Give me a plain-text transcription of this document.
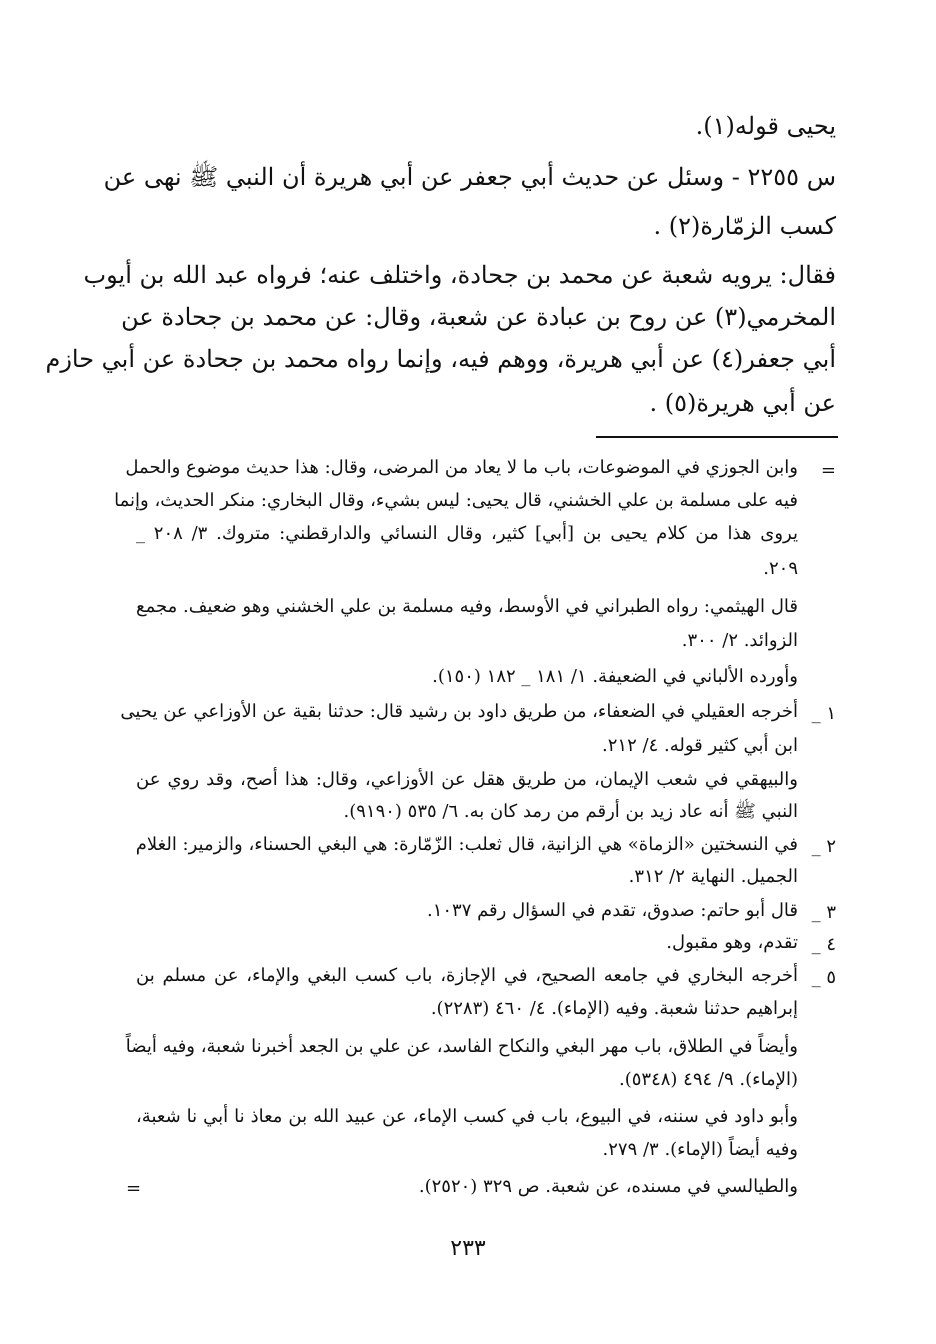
يحيى قوله(١).
س ٢٢٥٥ - وسئل عن حديث أبي جعفر عن أبي هريرة أن النبي ﷺ نهى عن
كسب الزمّارة(٢) .
فقال: يرويه شعبة عن محمد بن جحادة، واختلف عنه؛ فرواه عبد الله بن أيوب
المخرمي(٣) عن روح بن عبادة عن شعبة، وقال: عن محمد بن جحادة عن
أبي جعفر(٤) عن أبي هريرة، ووهم فيه، وإنما رواه محمد بن جحادة عن أبي حازم
عن أبي هريرة(٥) .
=
وابن الجوزي في الموضوعات، باب ما لا يعاد من المرضى، وقال: هذا حديث موضوع والحمل
فيه على مسلمة بن علي الخشني، قال يحيى: ليس بشيء، وقال البخاري: منكر الحديث، وإنما
يروى هذا من كلام يحيى بن [أبي] كثير، وقال النسائي والدارقطني: متروك. ٣/ ٢٠٨ _
٢٠٩.
قال الهيثمي: رواه الطبراني في الأوسط، وفيه مسلمة بن علي الخشني وهو ضعيف. مجمع
الزوائد. ٢/ ٣٠٠.
وأورده الألباني في الضعيفة. ١/ ١٨١ _ ١٨٢ (١٥٠).
١ _
أخرجه العقيلي في الضعفاء، من طريق داود بن رشيد قال: حدثنا بقية عن الأوزاعي عن يحيى
ابن أبي كثير قوله. ٤/ ٢١٢.
والبيهقي في شعب الإيمان، من طريق هقل عن الأوزاعي، وقال: هذا أصح، وقد روي عن
النبي ﷺ أنه عاد زيد بن أرقم من رمد كان به. ٦/ ٥٣٥ (٩١٩٠).
٢ _
في النسختين «الزماة» هي الزانية، قال ثعلب: الزّمّارة: هي البغي الحسناء، والزمير: الغلام
الجميل. النهاية ٢/ ٣١٢.
٣ _
قال أبو حاتم: صدوق، تقدم في السؤال رقم ١٠٣٧.
٤ _
تقدم، وهو مقبول.
٥ _
أخرجه البخاري في جامعه الصحيح، في الإجازة، باب كسب البغي والإماء، عن مسلم بن
إبراهيم حدثنا شعبة. وفيه (الإماء). ٤/ ٤٦٠ (٢٢٨٣).
وأيضاً في الطلاق، باب مهر البغي والنكاح الفاسد، عن علي بن الجعد أخبرنا شعبة، وفيه أيضاً
(الإماء). ٩/ ٤٩٤ (٥٣٤٨).
وأبو داود في سننه، في البيوع، باب في كسب الإماء، عن عبيد الله بن معاذ نا أبي نا شعبة،
وفيه أيضاً (الإماء). ٣/ ٢٧٩.
والطيالسي في مسنده، عن شعبة. ص ٣٢٩ (٢٥٢٠).
=
٢٣٣
